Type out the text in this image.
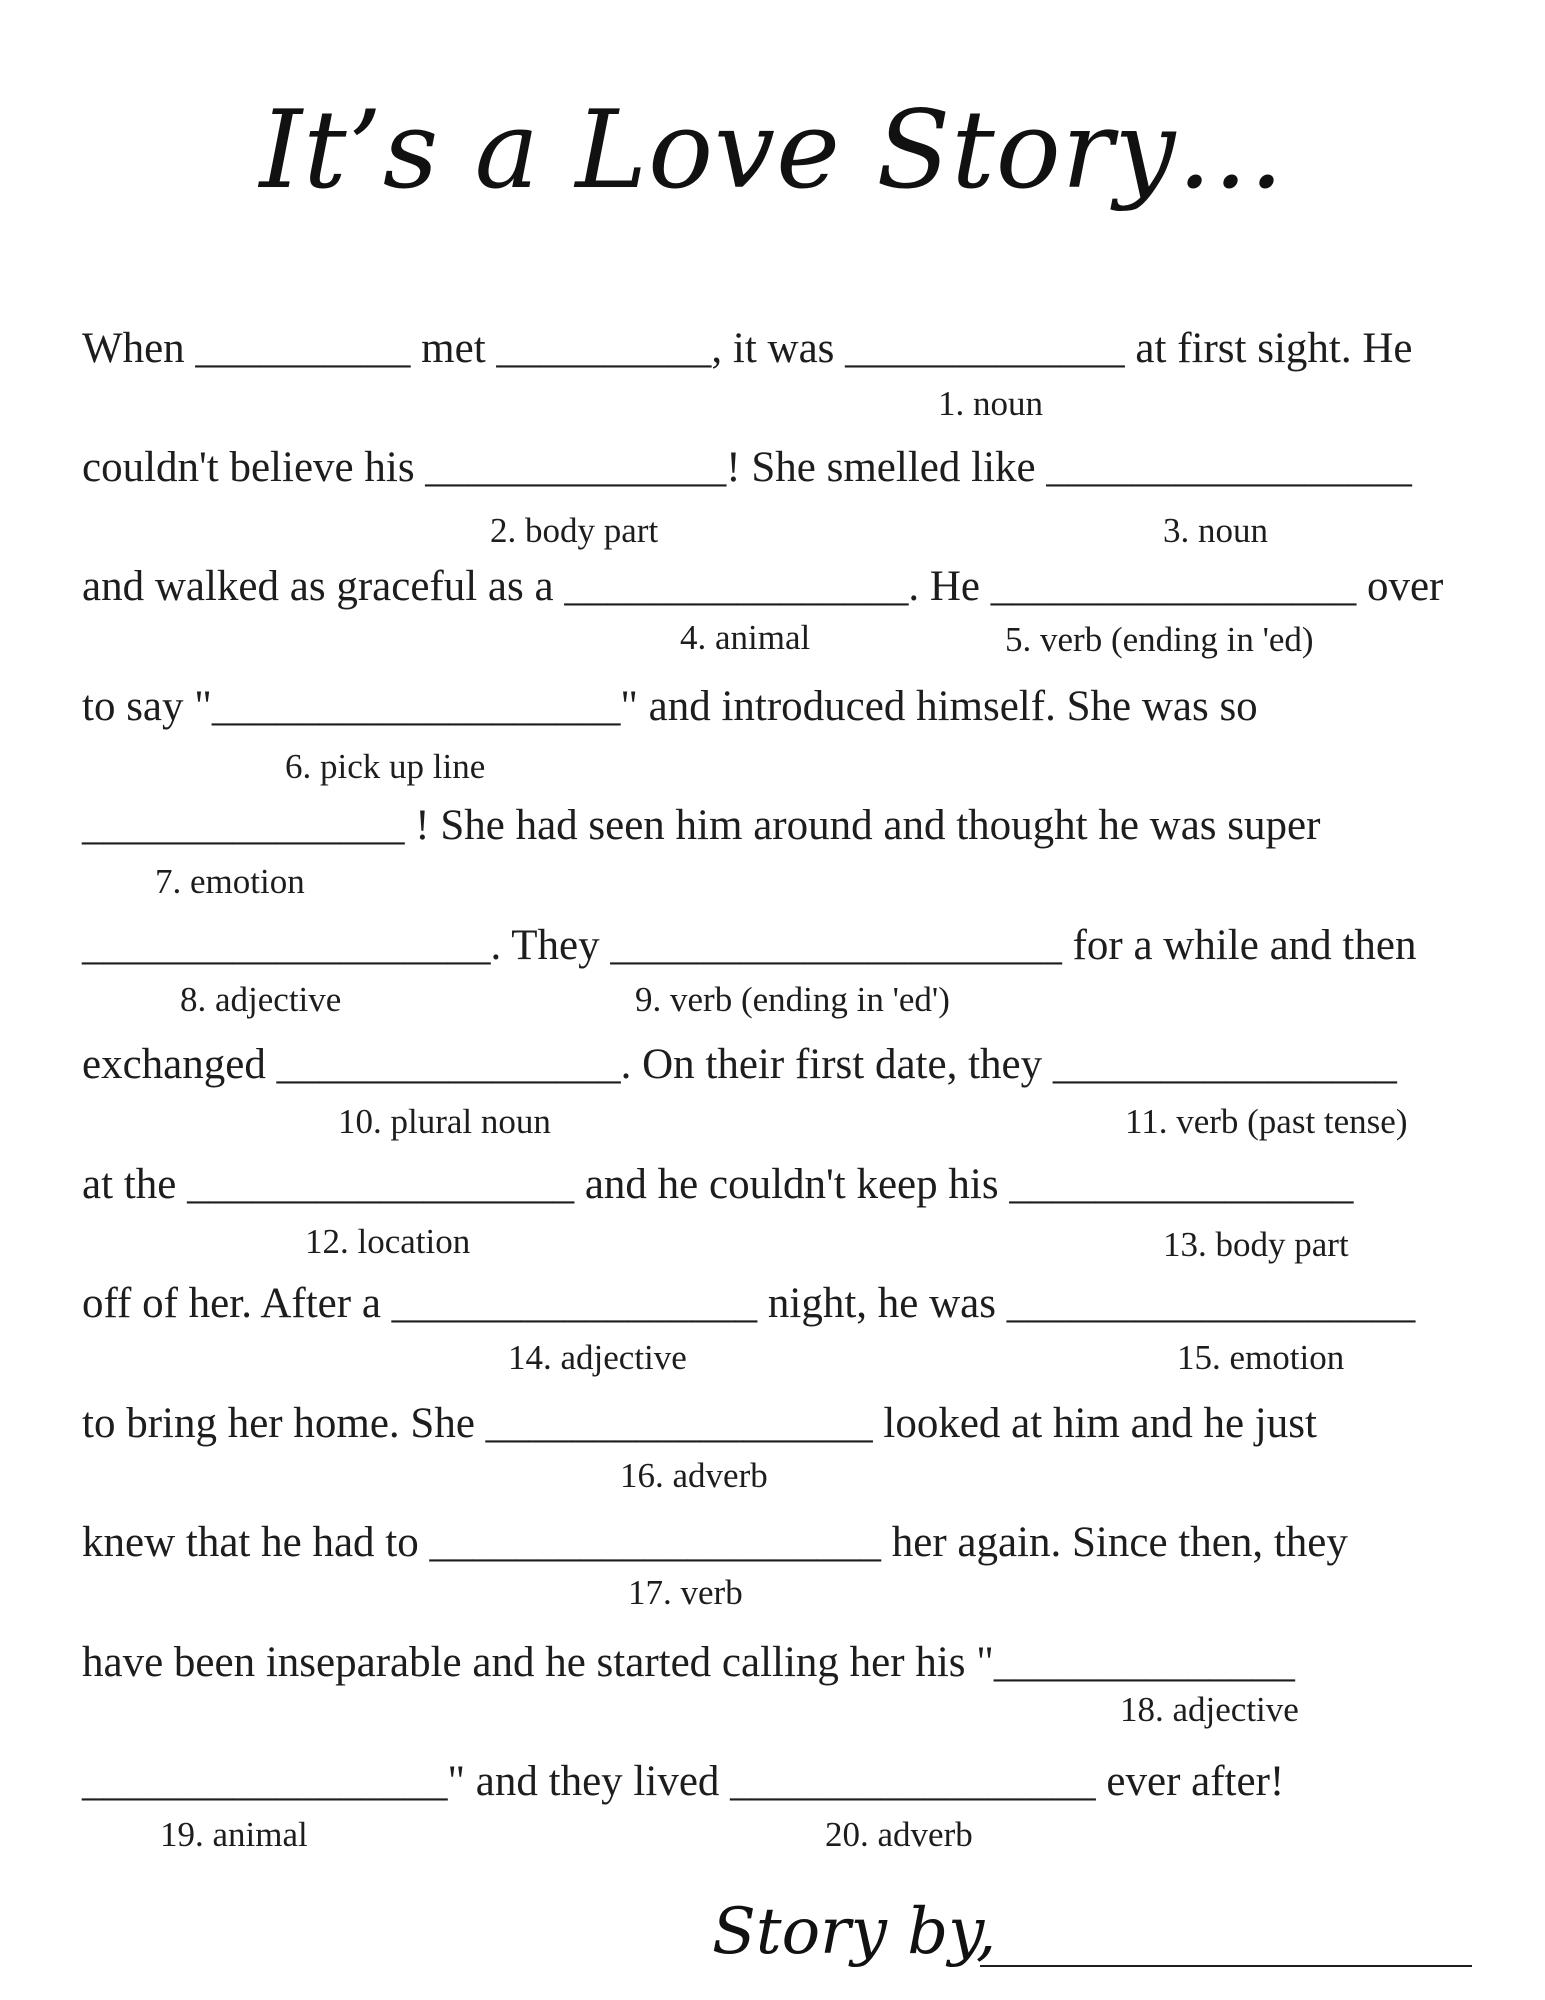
It’s a Love Story…
When __________ met __________, it was _____________ at first sight. He
couldn't believe his ______________! She smelled like _________________
and walked as graceful as a ________________. He _________________ over
to say "___________________" and introduced himself. She was so
_______________ ! She had seen him around and thought he was super
___________________. They _____________________ for a while and then
exchanged ________________. On their first date, they ________________
at the __________________ and he couldn't keep his ________________
off of her. After a _________________ night, he was ___________________
to bring her home. She __________________ looked at him and he just
knew that he had to _____________________ her again. Since then, they
have been inseparable and he started calling her his "______________
_________________" and they lived _________________ ever after!
1. noun
2. body part	3. noun
4. animal	5. verb (ending in 'ed)
6. pick up line
7. emotion
8. adjective	9. verb (ending in 'ed')
10. plural noun	11. verb (past tense)
12. location	13. body part
14. adjective	15. emotion
16. adverb
17. verb
18. adjective
19. animal	20. adverb
Story by,
